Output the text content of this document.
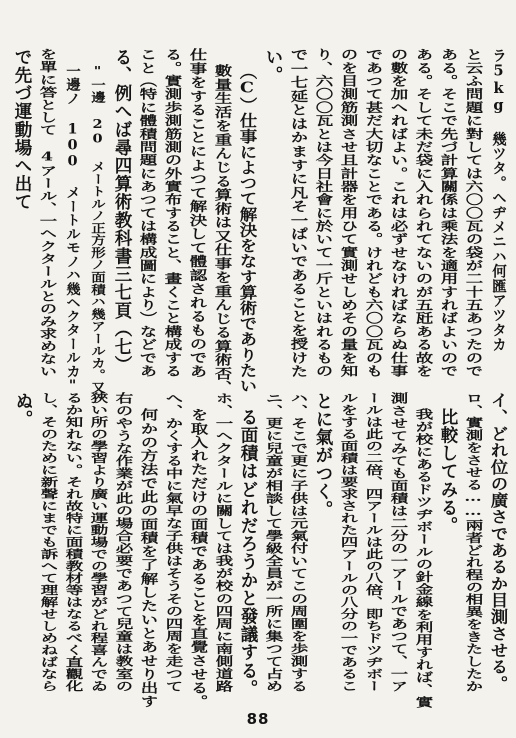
ラ5kg 幾ツタ。ヘヂメニハ何匯アツタカ
と云ふ問題に對しては六〇〇瓦の袋が二十五あつたので
ある。そこで先づ計算關係は乘法を適用すればよいので
ある。そして未だ袋に入れられてないのが五瓩ある故を
の數を加へればよい。これは必ずせなければならぬ仕事
であつて甚だ大切なことである。けれども六〇〇瓦のも
のを目測筋測させ且計器を用ひて實測せしめその量を知
り、六〇〇瓦とは今日社會に於いて一斤といはれるもの
で一七延とはかますに凡そ一ぱいであることを授けた
い。
（C）仕事によつて解決をなす算術でありたい
數量生活を重んじる算術は又仕事を重んじる算術否、
仕事をすることによつて解決して體認されるものであ
る。實測歩測筋測の外實布すること、畫くこと構成する
こと（特に體積問題にあつては構成圖により）などであ
る、例へば尋四算術教科書三七頁（七）
"一邊 20 メートルノ正方形ノ面積ハ幾アールカ。又
一邊ノ 100 メートルモノハ幾ヘクタールカ"
を單に答として 4アール、一ヘクタールとのみ求めない
で先づ運動場へ出て
イ、どれ位の廣さであるか目測させる。
ロ、實測をさせる……兩者どれ程の相異をきたしたか
比較してみる。
我が校にあるドツヂボールの針金線を利用すれば、實
測させてみても面積は二分の一アールであつて、一ア
ールは此の二倍、四アールは此の八倍、即ちドツヂボー
ルをする面積は要求された四アールの八分の一であるこ
とに氣がつく。
ハ、そこで更に子供は元氣付いてこの周圍を歩測する
ニ、更に兒童が相談して學級全員が一所に集つて占め
る面積はどれだろうかと發議する。
ホ、一ヘクタールに關しては我が校の四周に南側道路
を取入れただけの面積であることを直覺させる。
へ、かくする中に氣早な子供はそうその四周を走つて
何かの方法で此の面積を了解したいとあせり出す
右のやうな作業が此の場合必要であつて兒童は教室の
狹い所の學習より廣い運動場での學習がどれ程喜んでゐ
るか知れない。それ故特に面積教材等はなるべく直觀化
し、そのために新聲にまでも訴へて理解せしめねばなら
ぬ。
88
